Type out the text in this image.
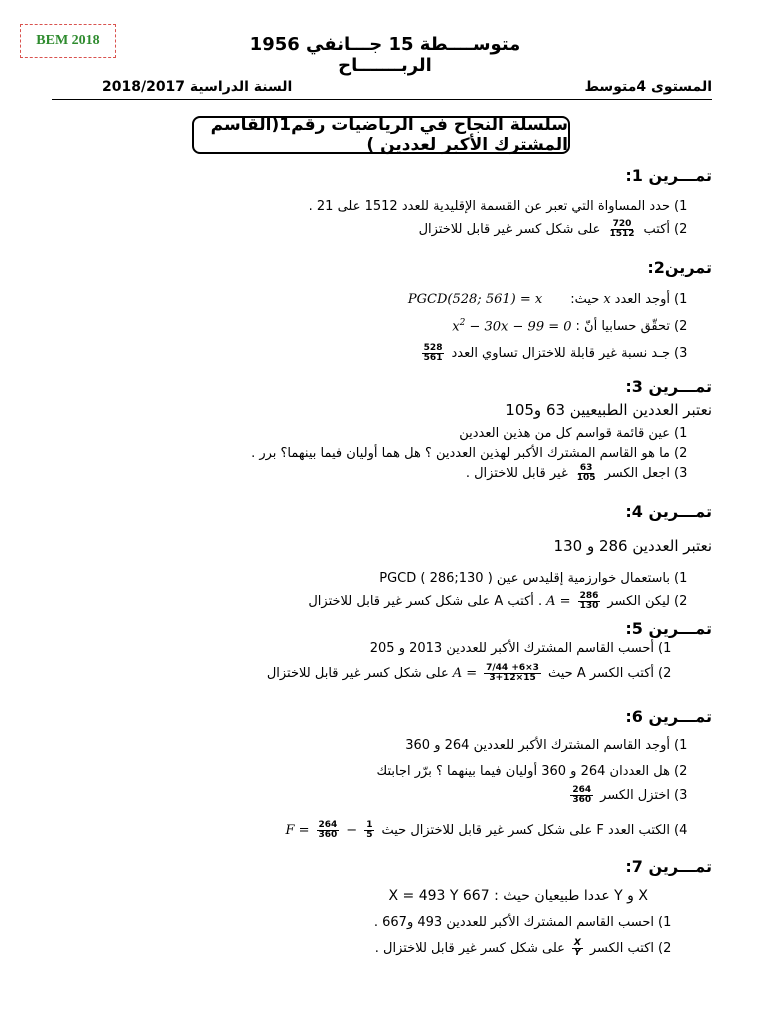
BEM 2018	متوســــطة 15 جـــانفي 1956 الربـــــــاح
المستوى 4متوسط
السنة الدراسية 2018/2017
سلسلة النجاح في الرياضيات رقم1(القاسم المشترك الأكبر لعددين )
تمـــرين 1:
1)
حدد المساواة التي تعبر عن القسمة الإقليدية للعدد 1512 على 21 .
2)
أكتب
$\frac{720}{1512}$
على شكل كسر غير قابل للاختزال
تمرين2:
1)
أوجد العدد
x
حيث:
PGCD(528; 561) = x
2)
تحقّق حسابيا أنّ :
$x^2 - 30x - 99 = 0$
3)
جـد نسبة غير قابلة للاختزال تساوي العدد
$\frac{528}{561}$
تمـــرين 3:
نعتبر العددين الطبيعيين 63 و105
1)
عين قائمة قواسم كل من هذين العددين
2)
ما هو القاسم المشترك الأكبر لهذين العددين ؟ هل هما أوليان فيما بينهما؟ برر .
3)
اجعل الكسر
$\frac{63}{105}$
غير قابل للاختزال .
تمـــرين 4:
نعتبر العددين 286 و 130
1)
باستعمال خوارزمية إقليدس عين ( PGCD ( 286;130
2)
ليكن الكسر
$\frac{286}{130}$
A =
. أكتب A على شكل كسر غير قابل للاختزال
تمـــرين 5:
1)
أحسب القاسم المشترك الأكبر للعددين 2013 و 205
2)
أكتب الكسر A حيث
$\frac{7/44 +6\times 3}{3+12\times 15}$
A =
على شكل كسر غير قابل للاختزال
تمـــرين 6:
1)
أوجد القاسم المشترك الأكبر للعددين 264 و 360
2)
هل العددان 264 و 360 أوليان فيما بينهما ؟ برّر اجابتك
3)
اختزل الكسر
$\frac{264}{360}$
4)
الكتب العدد F على شكل كسر غير قابل للاختزال حيث
$\frac{1}{5}$
−
$\frac{264}{360}$
F =
تمـــرين 7:
X و Y عددا طبيعيان حيث : 667 X = 493 Y
1)
احسب القاسم المشترك الأكبر للعددين 493 و667 .
2)
اكتب الكسر
$\frac{X}{Y}$
على شكل كسر غير قابل للاختزال .
